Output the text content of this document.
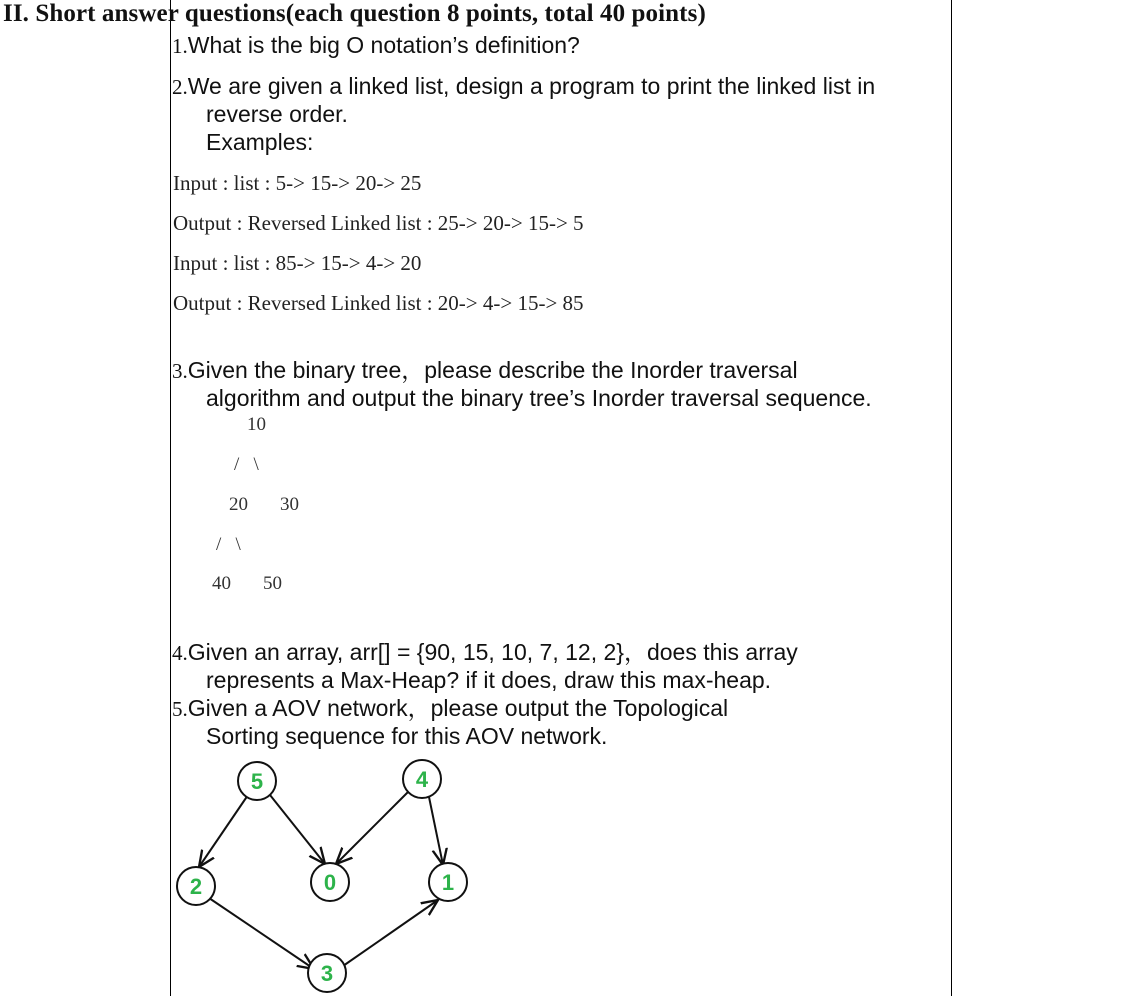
II. Short answer questions(each question 8 points, total 40 points)
1.What is the big O notation’s definition?
2.We are given a linked list, design a program to print the linked list in
reverse order.
Examples:
Input : list : 5-> 15-> 20-> 25
Output : Reversed Linked list : 25-> 20-> 15-> 5
Input : list : 85-> 15-> 4-> 20
Output : Reversed Linked list : 20-> 4-> 15-> 85
3.Given the binary tree，please describe the Inorder traversal
algorithm and output the binary tree’s Inorder traversal sequence.
10
/   \
20 30
/   \
40 50
4.Given an array, arr[] = {90, 15, 10, 7, 12, 2}，does this array
represents a Max-Heap? if it does, draw this max-heap.
5.Given a AOV network，please output the Topological
Sorting sequence for this AOV network.
5	4
2	0	1
3
